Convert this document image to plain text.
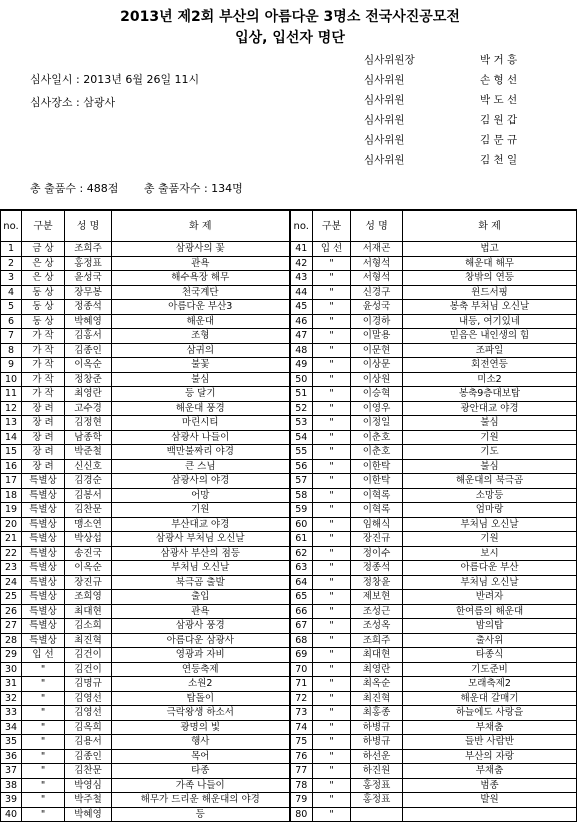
2013년 제2회 부산의 아름다운 3명소 전국사진공모전
입상, 입선자 명단
심사일시 : 2013년 6월 26일 11시
심사장소 : 삼광사
심사위원장	박 거 흥
심사위원	손 형 선
심사위원	박 도 선
심사위원	김 원 갑
심사위원	김 문 규
심사위원	김 천 일
총 출품수 : 488점 총 출품자수 : 134명
no.	구분	성 명	화 제	no.	구분	성 명	화 제
1	금 상	조희주	삼광사의 꽃	41	입 선	서재곤	법고
2	은 상	홍정표	관욕	42	"	서형석	해운대 해무
3	은 상	윤성국	해수욕장 해무	43	"	서형석	창밖의 연등
4	동 상	장무봉	천국계단	44	"	신경구	윈드서핑
5	동 상	정종석	아름다운 부산3	45	"	윤성국	봉축 부처님 오신날
6	동 상	박혜영	해운대	46	"	이경하	내등, 여기있네
7	가 작	김홍서	조형	47	"	이말용	믿음은 내인생의 힘
8	가 작	김종인	삼귀의	48	"	이문현	조파일
9	가 작	이옥순	불꽃	49	"	이상문	회전연등
10	가 작	정창준	불심	50	"	이상원	미소2
11	가 작	최영란	등 달기	51	"	이승혁	봉축9층대보탑
12	장 려	고수경	해운대 풍경	52	"	이영우	광안대교 야경
13	장 려	김정현	마린시티	53	"	이정일	불심
14	장 려	남종학	삼광사 나들이	54	"	이춘호	기원
15	장 려	박준철	백만불짜리 야경	55	"	이춘호	기도
16	장 려	신신호	큰 스님	56	"	이한탁	불심
17	특별상	김경순	삼광사의 야경	57	"	이한탁	해운대의 북극곰
18	특별상	김봉서	어망	58	"	이혁록	소망등
19	특별상	김찬문	기원	59	"	이혁록	엄마랑
20	특별상	맹소연	부산대교 야경	60	"	임해식	부처님 오신날
21	특별상	박상섭	삼광사 부처님 오신날	61	"	장진규	기원
22	특별상	송진국	삼광사 부산의 점등	62	"	정이수	보시
23	특별상	이옥순	부처님 오신날	63	"	정종석	아름다운 부산
24	특별상	장진규	북극곰 출발	64	"	정창윤	부처님 오신날
25	특별상	조희영	출입	65	"	제보현	반려자
26	특별상	최대현	관욕	66	"	조성근	한여름의 해운대
27	특별상	김소희	삼광사 풍경	67	"	조성옥	밤의탑
28	특별상	최진혁	아름다운 삼광사	68	"	조희주	출사위
29	입 선	김건이	영광과 자비	69	"	최대현	타종식
30	"	김건이	연등축제	70	"	최영란	기도준비
31	"	김명규	소원2	71	"	최옥순	모래축제2
32	"	김영선	탑돌이	72	"	최진혁	해운대 갈매기
33	"	김영선	극락왕생 하소서	73	"	최홍종	하늘에도 사랑을
34	"	김옥희	광명의 빛	74	"	하병규	부채춤
35	"	김용서	행사	75	"	하병규	들반 사람반
36	"	김종인	목어	76	"	하선운	부산의 자랑
37	"	김찬문	타종	77	"	하진원	부채춤
38	"	박영심	가족 나들이	78	"	홍정표	범종
39	"	박주철	해무가 드리운 해운대의 야경	79	"	홍정표	발원
40	"	박혜영	등	80	"		
